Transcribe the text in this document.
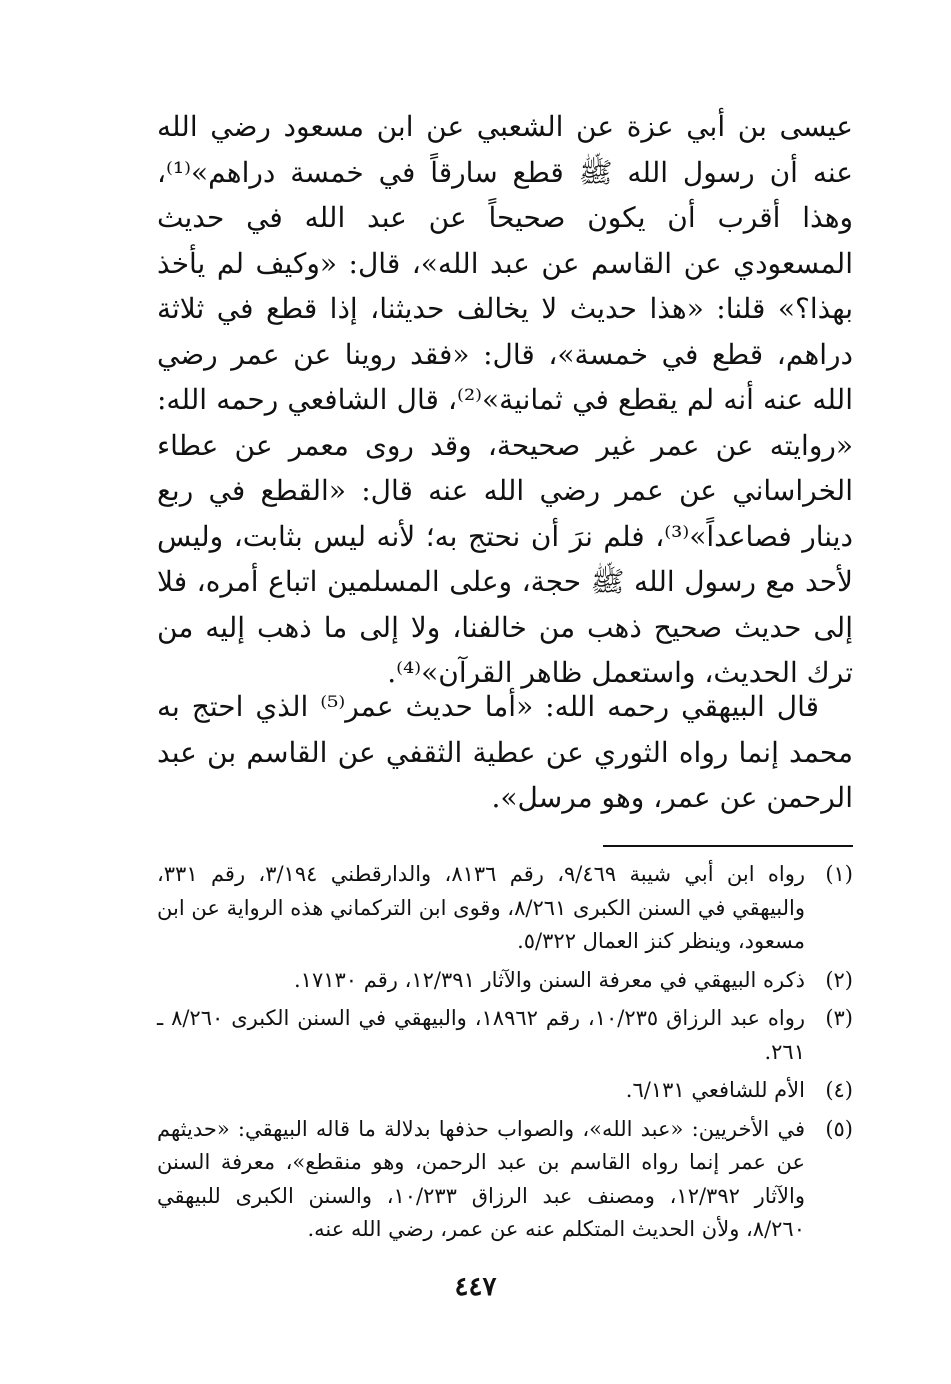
عيسى بن أبي عزة عن الشعبي عن ابن مسعود رضي الله عنه أن رسول الله ﷺ قطع سارقاً في خمسة دراهم»⁽¹⁾، وهذا أقرب أن يكون صحيحاً عن عبد الله في حديث المسعودي عن القاسم عن عبد الله»، قال: «وكيف لم يأخذ بهذا؟» قلنا: «هذا حديث لا يخالف حديثنا، إذا قطع في ثلاثة دراهم، قطع في خمسة»، قال: «فقد روينا عن عمر رضي الله عنه أنه لم يقطع في ثمانية»⁽²⁾، قال الشافعي رحمه الله: «روايته عن عمر غير صحيحة، وقد روى معمر عن عطاء الخراساني عن عمر رضي الله عنه قال: «القطع في ربع دينار فصاعداً»⁽³⁾، فلم نرَ أن نحتج به؛ لأنه ليس بثابت، وليس لأحد مع رسول الله ﷺ حجة، وعلى المسلمين اتباع أمره، فلا إلى حديث صحيح ذهب من خالفنا، ولا إلى ما ذهب إليه من ترك الحديث، واستعمل ظاهر القرآن»⁽⁴⁾.

قال البيهقي رحمه الله: «أما حديث عمر⁽⁵⁾ الذي احتج به محمد إنما رواه الثوري عن عطية الثقفي عن القاسم بن عبد الرحمن عن عمر، وهو مرسل».

(١)
رواه ابن أبي شيبة ٩/٤٦٩، رقم ٨١٣٦، والدارقطني ٣/١٩٤، رقم ٣٣١، والبيهقي في السنن الكبرى ٨/٢٦١، وقوى ابن التركماني هذه الرواية عن ابن مسعود، وينظر كنز العمال ٥/٣٢٢.
(٢)
ذكره البيهقي في معرفة السنن والآثار ١٢/٣٩١، رقم ١٧١٣٠.
(٣)
رواه عبد الرزاق ١٠/٢٣٥، رقم ١٨٩٦٢، والبيهقي في السنن الكبرى ٨/٢٦٠ ـ ٢٦١.
(٤)
الأم للشافعي ٦/١٣١.
(٥)
في الأخريين: «عبد الله»، والصواب حذفها بدلالة ما قاله البيهقي: «حديثهم عن عمر إنما رواه القاسم بن عبد الرحمن، وهو منقطع»، معرفة السنن والآثار ١٢/٣٩٢، ومصنف عبد الرزاق ١٠/٢٣٣، والسنن الكبرى للبيهقي ٨/٢٦٠، ولأن الحديث المتكلم عنه عن عمر، رضي الله عنه.
٤٤٧
